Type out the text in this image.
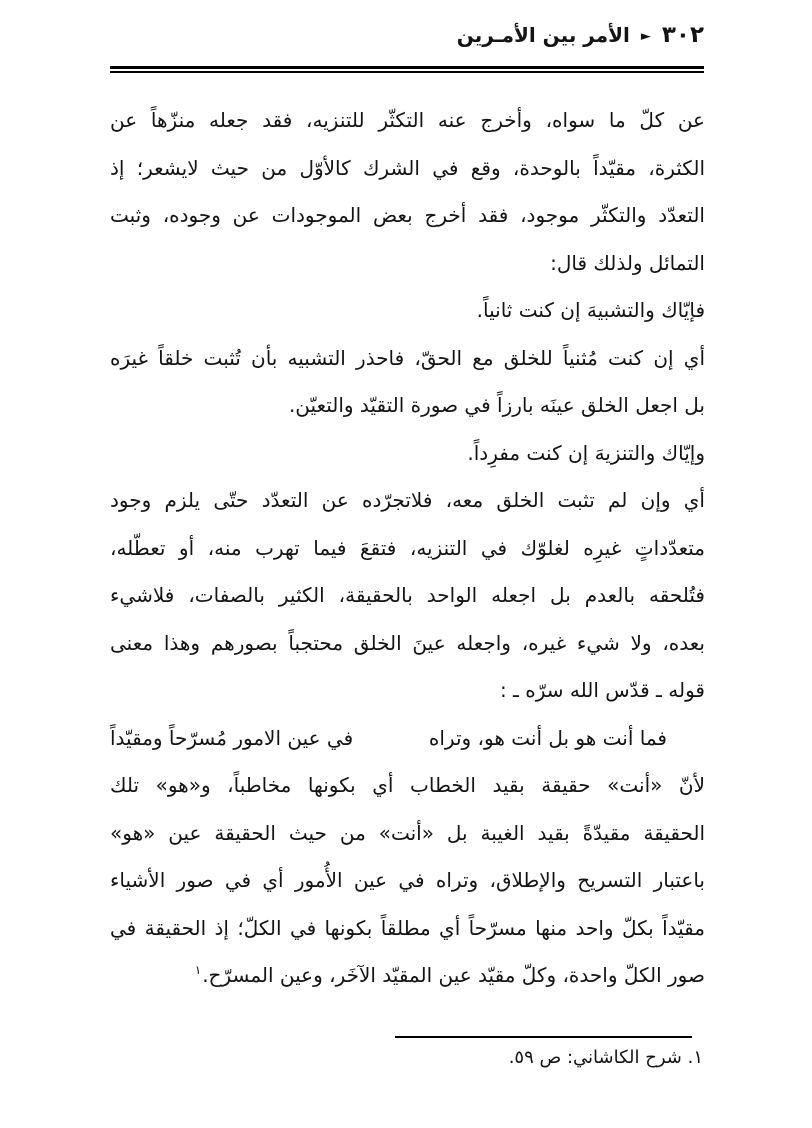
٣٠٢
►
الأمر بين الأمـرين
عن كلّ ما سواه، وأخرج عنه التكثّر للتنزيه، فقد جعله منزّهاً عن
الكثرة، مقيّداً بالوحدة، وقع في الشرك كالأوّل من حيث لايشعر؛ إذ
التعدّد والتكثّر موجود، فقد أخرج بعض الموجودات عن وجوده، وثبت
التمائل ولذلك قال:
فإيّاك والتشبيهَ إن كنت ثانياً.
أي إن كنت مُثنياً للخلق مع الحقّ، فاحذر التشبيه بأن تُثبت خلقاً غيرَه
بل اجعل الخلق عينَه بارزاً في صورة التقيّد والتعيّن.
وإيّاك والتنزيهَ إن كنت مفرِداً.
أي وإن لم تثبت الخلق معه، فلاتجرّده عن التعدّد حتّى يلزم وجود
متعدّداتٍ غيرِه لغلوّك في التنزيه، فتقعَ فيما تهرب منه، أو تعطّله،
فتُلحقه بالعدم بل اجعله الواحد بالحقيقة، الكثير بالصفات، فلاشيء
بعده، ولا شيء غيره، واجعله عينَ الخلق محتجباً بصورهم وهذا معنى
قوله ـ قدّس الله سرّه ـ :
فما أنت هو بل أنت هو، وتراه
في عين الامور مُسرّحاً ومقيّداً
لأنّ «أنت» حقيقة بقيد الخطاب أي بكونها مخاطباً، و«هو» تلك
الحقيقة مقيدّةً بقيد الغيبة بل «أنت» من حيث الحقيقة عين «هو»
باعتبار التسريح والإطلاق، وتراه في عين الأُمور أي في صور الأشياء
مقيّداً بكلّ واحد منها مسرّحاً أي مطلقاً بكونها في الكلّ؛ إذ الحقيقة في
صور الكلّ واحدة، وكلّ مقيّد عين المقيّد الآخَر، وعين المسرّح.$^١$
١. شرح الكاشاني: ص ٥٩.
